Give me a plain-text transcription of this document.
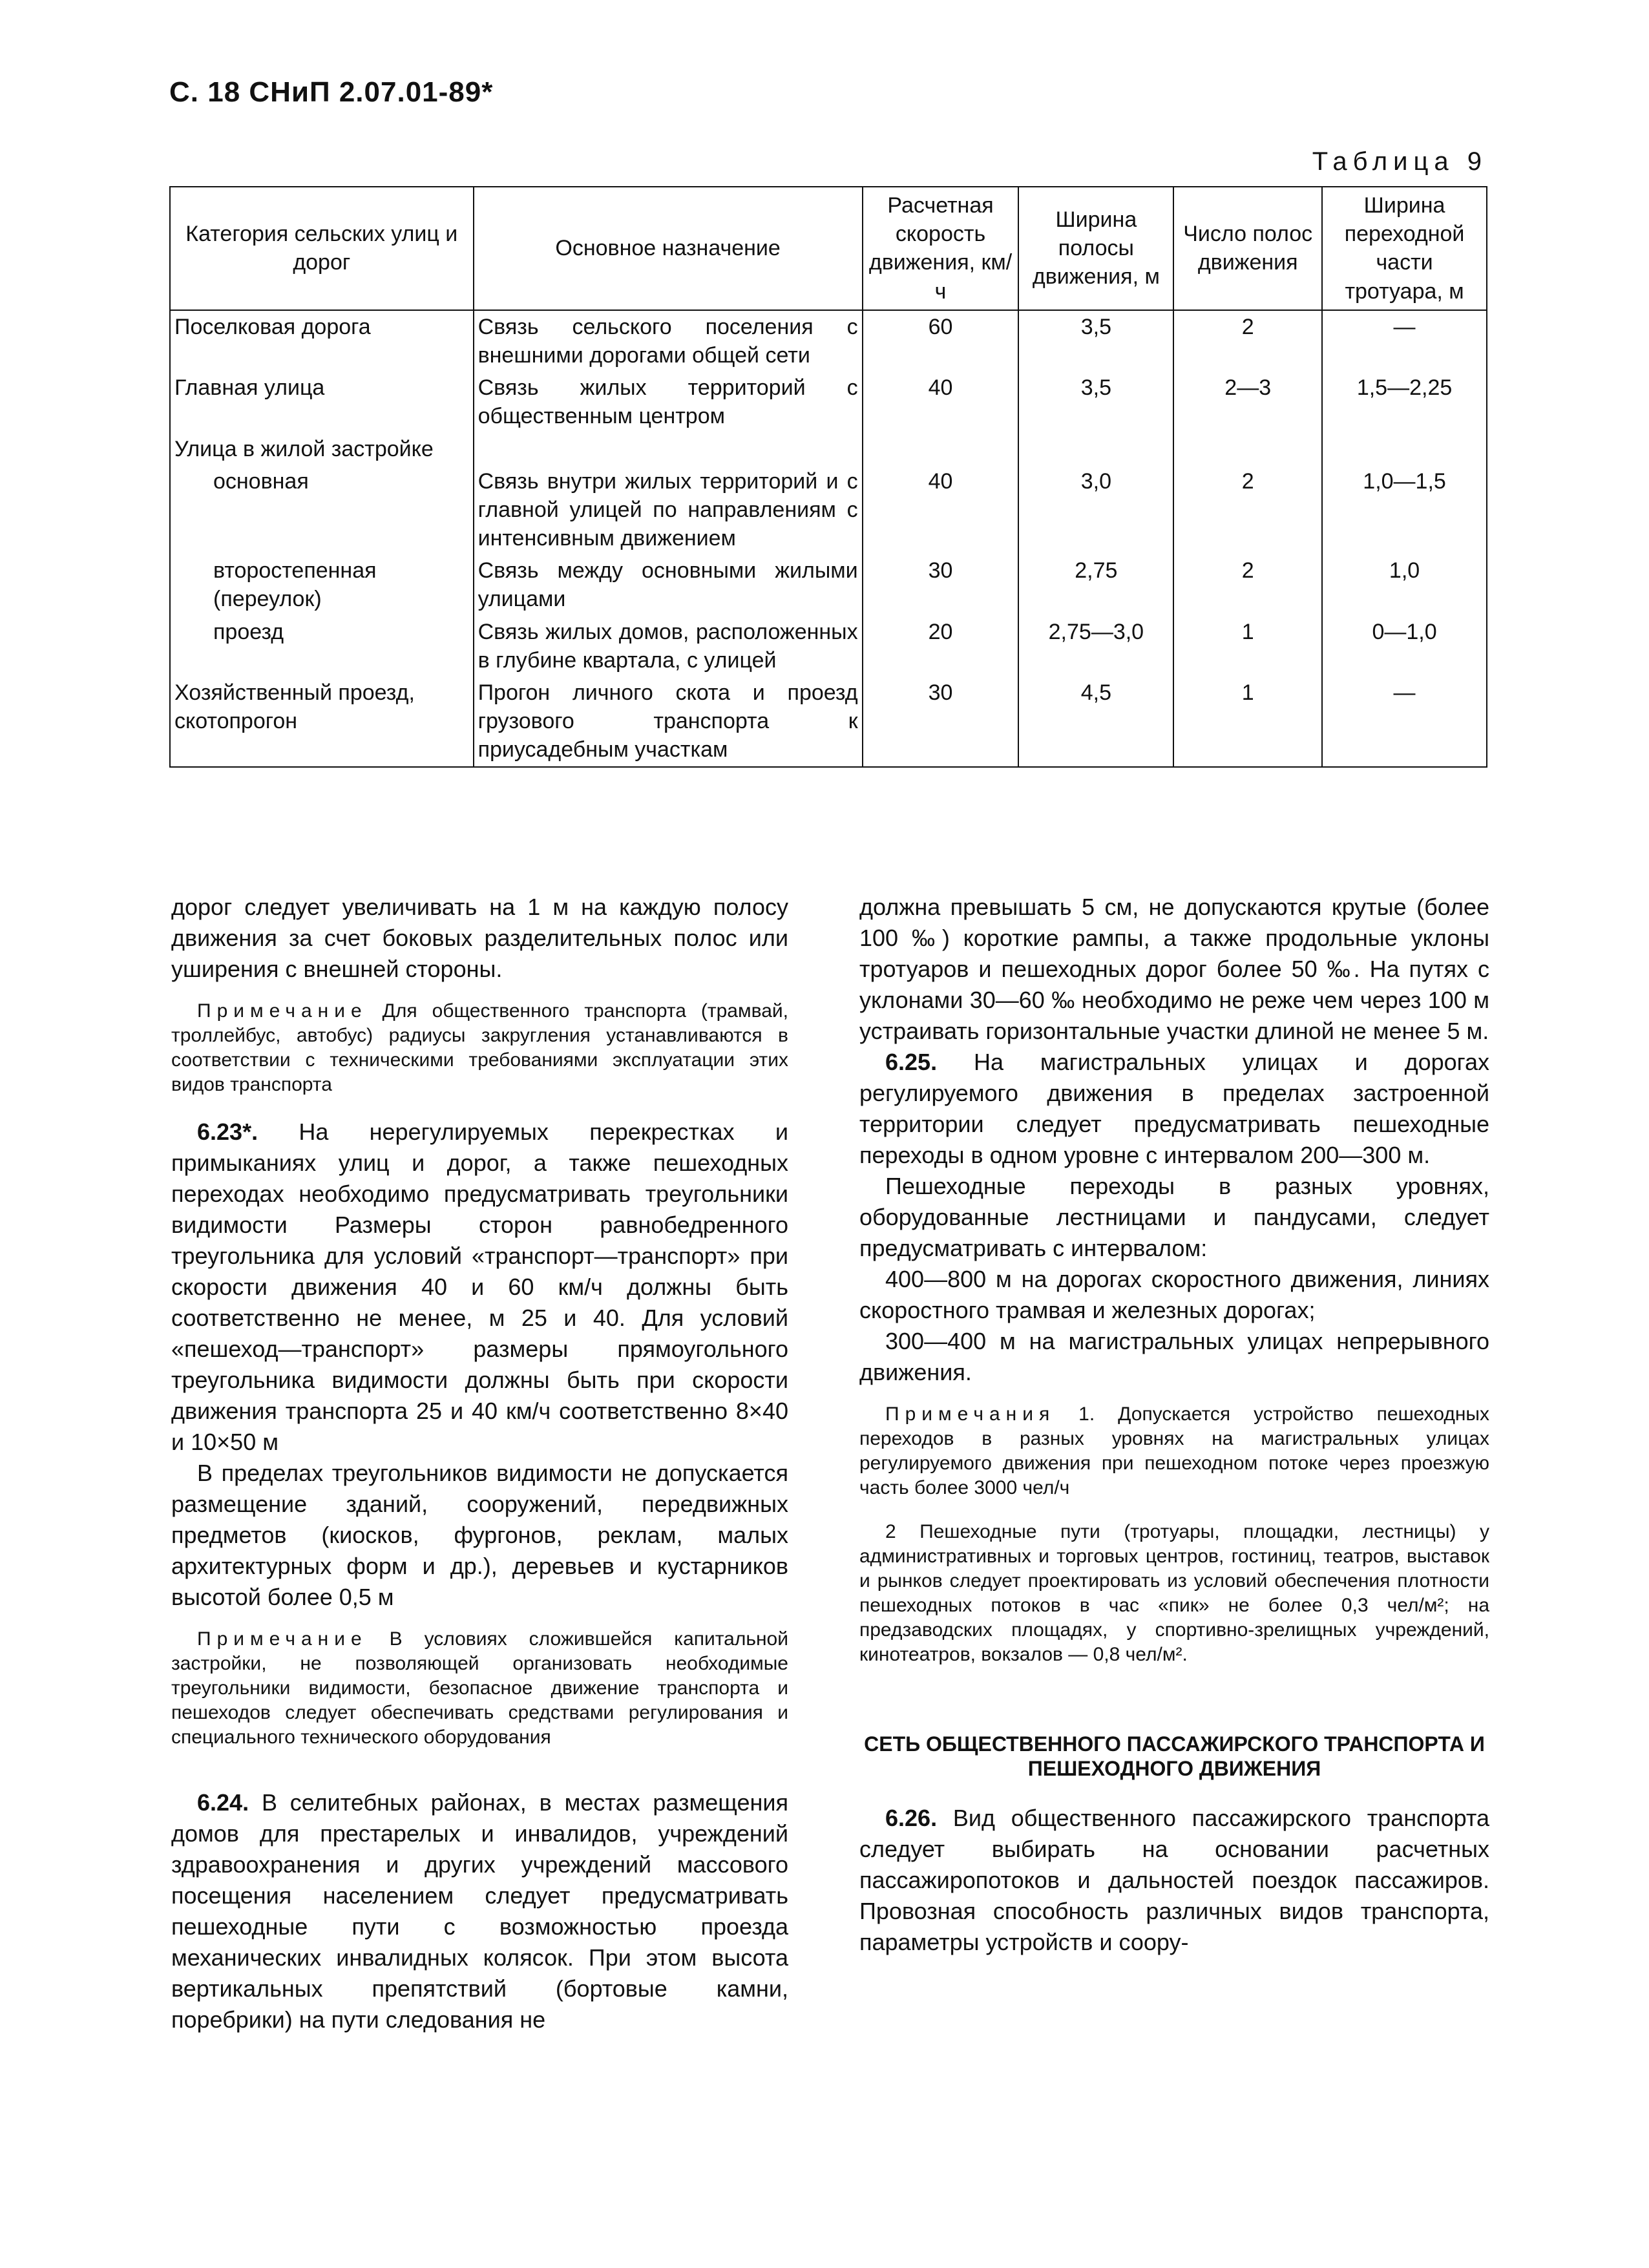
С. 18 СНиП 2.07.01-89*
Таблица 9
Категория сельских улиц и дорог	Основное назначение	Расчетная скорость движения, км/ч	Ширина полосы движения, м	Число полос движения	Ширина переходной части тротуара, м
Поселковая дорога	Связь сельского поселения с внешними дорогами общей сети	60	3,5	2	—
Главная улица	Связь жилых территорий с общественным центром	40	3,5	2—3	1,5—2,25
Улица в жилой застройке					
основная	Связь внутри жилых территорий и с главной улицей по направлениям с интенсивным движением	40	3,0	2	1,0—1,5
второстепенная (переулок)	Связь между основными жилыми улицами	30	2,75	2	1,0
проезд	Связь жилых домов, расположенных в глубине квартала, с улицей	20	2,75—3,0	1	0—1,0
Хозяйственный проезд, скотопрогон	Прогон личного скота и проезд грузового транспорта к приусадебным участкам	30	4,5	1	—

дорог следует увеличивать на 1 м на каждую полосу движения за счет боковых разделительных полос или уширения с внешней стороны.

Примечание Для общественного транспорта (трамвай, троллейбус, автобус) радиусы закругления устанавливаются в соответствии с техническими требованиями эксплуатации этих видов транспорта

6.23*. На нерегулируемых перекрестках и примыканиях улиц и дорог, а также пешеходных переходах необходимо предусматривать треугольники видимости Размеры сторон равнобедренного треугольника для условий «транспорт—транспорт» при скорости движения 40 и 60 км/ч должны быть соответственно не менее, м 25 и 40. Для условий «пешеход—транспорт» размеры прямоугольного треугольника видимости должны быть при скорости движения транспорта 25 и 40 км/ч соответственно 8×40 и 10×50 м

В пределах треугольников видимости не допускается размещение зданий, сооружений, передвижных предметов (киосков, фургонов, реклам, малых архитектурных форм и др.), деревьев и кустарников высотой более 0,5 м

Примечание В условиях сложившейся капитальной застройки, не позволяющей организовать необходимые треугольники видимости, безопасное движение транспорта и пешеходов следует обеспечивать средствами регулирования и специального технического оборудования

6.24. В селитебных районах, в местах размещения домов для престарелых и инвалидов, учреждений здравоохранения и других учреждений массового посещения населением следует предусматривать пешеходные пути с возможностью проезда механических инвалидных колясок. При этом высота вертикальных препятствий (бортовые камни, поребрики) на пути следования не

должна превышать 5 см, не допускаются крутые (более 100 ‰) короткие рампы, а также продольные уклоны тротуаров и пешеходных дорог более 50 ‰. На путях с уклонами 30—60 ‰ необходимо не реже чем через 100 м устраивать горизонтальные участки длиной не менее 5 м.

6.25. На магистральных улицах и дорогах регулируемого движения в пределах застроенной территории следует предусматривать пешеходные переходы в одном уровне с интервалом 200—300 м.

Пешеходные переходы в разных уровнях, оборудованные лестницами и пандусами, следует предусматривать с интервалом:

400—800 м на дорогах скоростного движения, линиях скоростного трамвая и железных дорогах;

300—400 м на магистральных улицах непрерывного движения.

Примечания 1. Допускается устройство пешеходных переходов в разных уровнях на магистральных улицах регулируемого движения при пешеходном потоке через проезжую часть более 3000 чел/ч

2 Пешеходные пути (тротуары, площадки, лестницы) у административных и торговых центров, гостиниц, театров, выставок и рынков следует проектировать из условий обеспечения плотности пешеходных потоков в час «пик» не более 0,3 чел/м²; на предзаводских площадях, у спортивно-зрелищных учреждений, кинотеатров, вокзалов — 0,8 чел/м².

СЕТЬ ОБЩЕСТВЕННОГО ПАССАЖИРСКОГО ТРАНСПОРТА И ПЕШЕХОДНОГО ДВИЖЕНИЯ

6.26. Вид общественного пассажирского транспорта следует выбирать на основании расчетных пассажиропотоков и дальностей поездок пассажиров. Провозная способность различных видов транспорта, параметры устройств и соору-
